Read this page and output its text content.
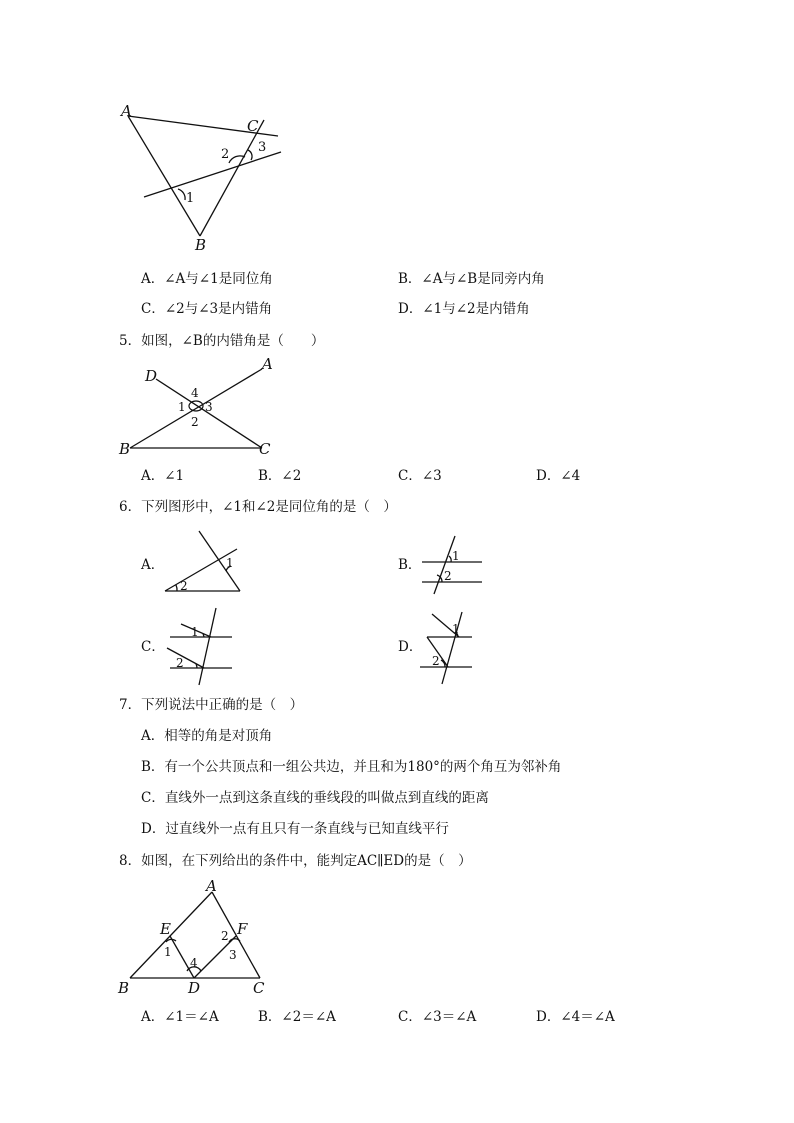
A
C
B
2 3
1
A．∠A与∠1是同位角	B．∠A与∠B是同旁内角
C．∠2与∠3是内错角	D．∠1与∠2是内错角
5．如图，∠B的内错角是（　　）
D
A
B	C
4
1 3
2
A．∠1	B．∠2	C．∠3	D．∠4
6．下列图形中，∠1和∠2是同位角的是（　）
A．	B．
C．	D．
2
1	1
2
1
2
1
2
7．下列说法中正确的是（　）
A．相等的角是对顶角
B．有一个公共顶点和一组公共边，并且和为180°的两个角互为邻补角
C．直线外一点到这条直线的垂线段的叫做点到直线的距离
D．过直线外一点有且只有一条直线与已知直线平行
8．如图，在下列给出的条件中，能判定AC∥ED的是（　）
A
E	F
B	D	C
1
2
3
4
A．∠1＝∠A	B．∠2＝∠A	C．∠3＝∠A	D．∠4＝∠A
